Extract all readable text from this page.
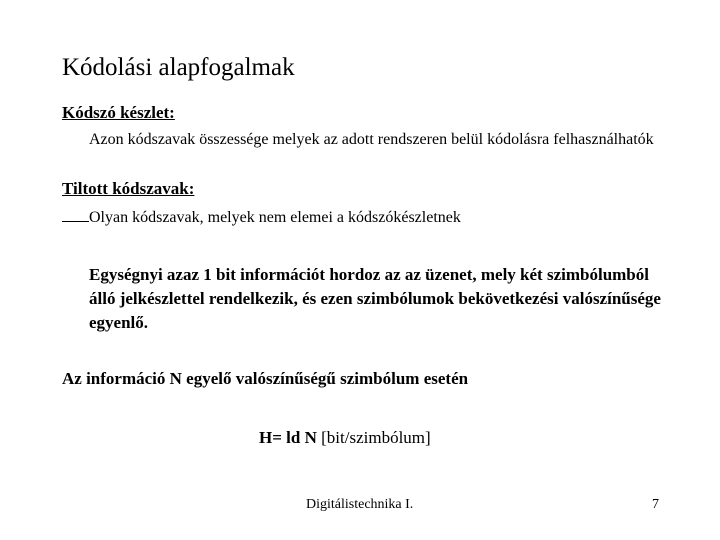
Kódolási alapfogalmak
Kódszó készlet:
Azon kódszavak összessége melyek az adott rendszeren belül kódolásra felhasználhatók
Tiltott kódszavak:
Olyan kódszavak, melyek nem elemei a kódszókészletnek
Egységnyi azaz 1 bit információt hordoz az az üzenet, mely két szimbólumból álló jelkészlettel rendelkezik, és ezen szimbólumok bekövetkezési valószínűsége egyenlő.
Az információ N egyelő valószínűségű szimbólum esetén
H= ld N [bit/szimbólum]
Digitálistechnika I.	7
